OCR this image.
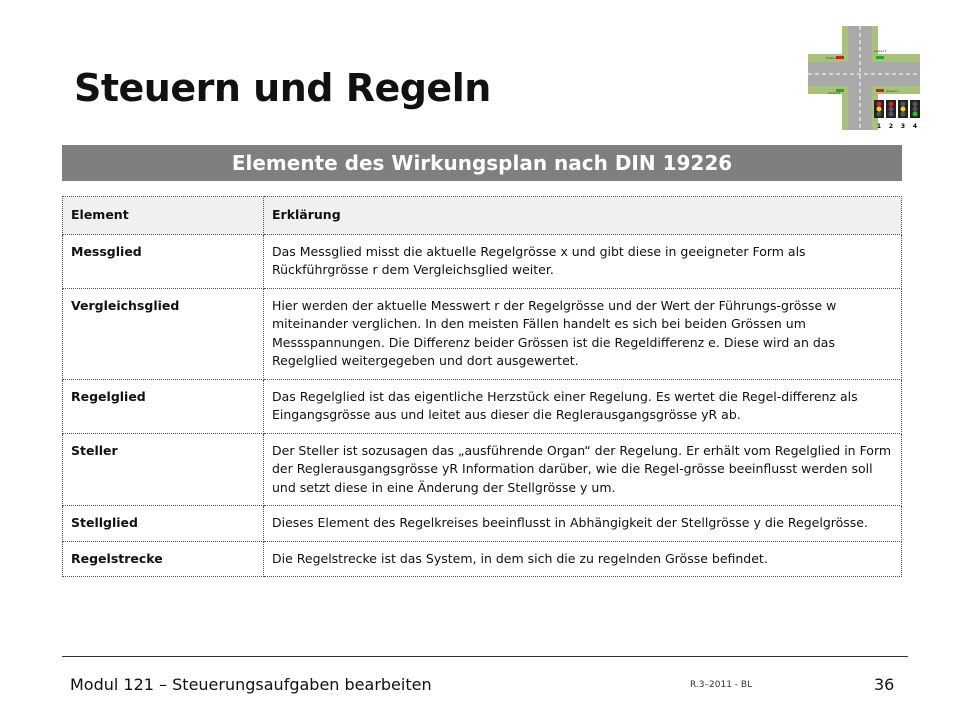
Steuern und Regeln
1 2 3 4
Ampel 2
Ampel 3
Ampel 4	Ampel 1
Elemente des Wirkungsplan nach DIN 19226
Element	Erklärung
Messglied	Das Messglied misst die aktuelle Regelgrösse x und gibt diese in geeigneter Form als Rückführgrösse r dem Vergleichsglied weiter.
Vergleichsglied	Hier werden der aktuelle Messwert r der Regelgrösse und der Wert der Führungs-grösse w miteinander verglichen. In den meisten Fällen handelt es sich bei beiden Grössen um Messspannungen. Die Differenz beider Grössen ist die Regeldifferenz e. Diese wird an das Regelglied weitergegeben und dort ausgewertet.
Regelglied	Das Regelglied ist das eigentliche Herzstück einer Regelung. Es wertet die Regel-differenz als Eingangsgrösse aus und leitet aus dieser die Reglerausgangsgrösse yR ab.
Steller	Der Steller ist sozusagen das „ausführende Organ“ der Regelung. Er erhält vom Regelglied in Form der Reglerausgangsgrösse yR Information darüber, wie die Regel-grösse beeinflusst werden soll und setzt diese in eine Änderung der Stellgrösse y um.
Stellglied	Dieses Element des Regelkreises beeinflusst in Abhängigkeit der Stellgrösse y die Regelgrösse.
Regelstrecke	Die Regelstrecke ist das System, in dem sich die zu regelnden Grösse befindet.
Modul 121 – Steuerungsaufgaben bearbeiten	R.3–2011 - BL	36
